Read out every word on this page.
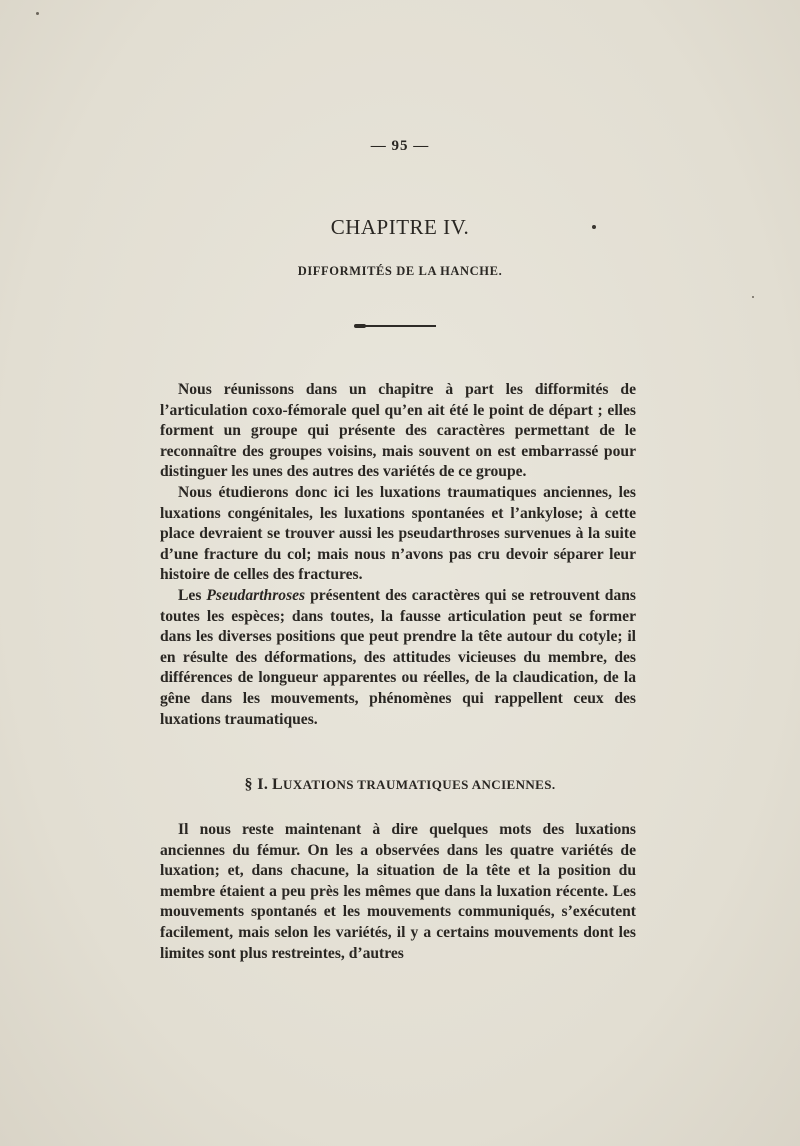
— 95 —
CHAPITRE IV.
DIFFORMITÉS DE LA HANCHE.

Nous réunissons dans un chapitre à part les difformités de l’articulation coxo-fémorale quel qu’en ait été le point de départ ; elles forment un groupe qui présente des caractères permettant de le reconnaître des groupes voisins, mais souvent on est embarrassé pour distinguer les unes des autres des variétés de ce groupe.

Nous étudierons donc ici les luxations traumatiques anciennes, les luxations congénitales, les luxations spontanées et l’ankylose; à cette place devraient se trouver aussi les pseudarthroses survenues à la suite d’une fracture du col; mais nous n’avons pas cru devoir séparer leur histoire de celles des fractures.

Les Pseudarthroses présentent des caractères qui se retrouvent dans toutes les espèces; dans toutes, la fausse articulation peut se former dans les diverses positions que peut prendre la tête autour du cotyle; il en résulte des déformations, des attitudes vicieuses du membre, des différences de longueur apparentes ou réelles, de la claudication, de la gêne dans les mouvements, phénomènes qui rappellent ceux des luxations traumatiques.

§ I. LUXATIONS TRAUMATIQUES ANCIENNES.

Il nous reste maintenant à dire quelques mots des luxations anciennes du fémur. On les a observées dans les quatre variétés de luxation; et, dans chacune, la situation de la tête et la position du membre étaient a peu près les mêmes que dans la luxation récente. Les mouvements spontanés et les mouvements communiqués, s’exécutent facilement, mais selon les variétés, il y a certains mouvements dont les limites sont plus restreintes, d’autres
